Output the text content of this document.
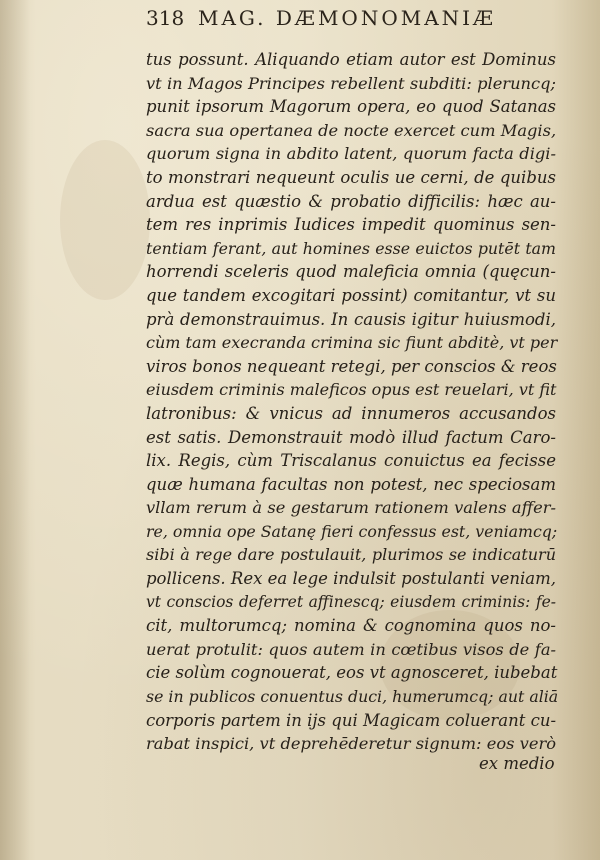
318 MAG. DÆMONOMANIÆ
tus possunt. Aliquando etiam autor est Dominus
vt in Magos Principes rebellent subditi: pleruncq;
punit ipsorum Magorum opera, eo quod Satanas
sacra sua opertanea de nocte exercet cum Magis,
quorum signa in abdito latent, quorum facta digi-
to monstrari nequeunt oculis ue cerni, de quibus
ardua est quæstio & probatio difficilis: hæc au-
tem res inprimis Iudices impedit quominus sen-
tentiam ferant, aut homines esse euictos putēt tam
horrendi sceleris quod maleficia omnia (quęcun-
que tandem excogitari possint) comitantur, vt su
prà demonstrauimus. In causis igitur huiusmodi,
cùm tam execranda crimina sic fiunt abditè, vt per
viros bonos nequeant retegi, per conscios & reos
eiusdem criminis maleficos opus est reuelari, vt fit
latronibus: & vnicus ad innumeros accusandos
est satis. Demonstrauit modò illud factum Caro-
lix. Regis, cùm Triscalanus conuictus ea fecisse
quæ humana facultas non potest, nec speciosam
vllam rerum à se gestarum rationem valens affer-
re, omnia ope Satanę fieri confessus est, veniamcq;
sibi à rege dare postulauit, plurimos se indicaturū
pollicens. Rex ea lege indulsit postulanti veniam,
vt conscios deferret affinescq; eiusdem criminis: fe-
cit, multorumcq; nomina & cognomina quos no-
uerat protulit: quos autem in cœtibus visos de fa-
cie solùm cognouerat, eos vt agnosceret, iubebat
se in publicos conuentus duci, humerumcq; aut aliā
corporis partem in ijs qui Magicam coluerant cu-
rabat inspici, vt deprehēderetur signum: eos verò
ex medio
